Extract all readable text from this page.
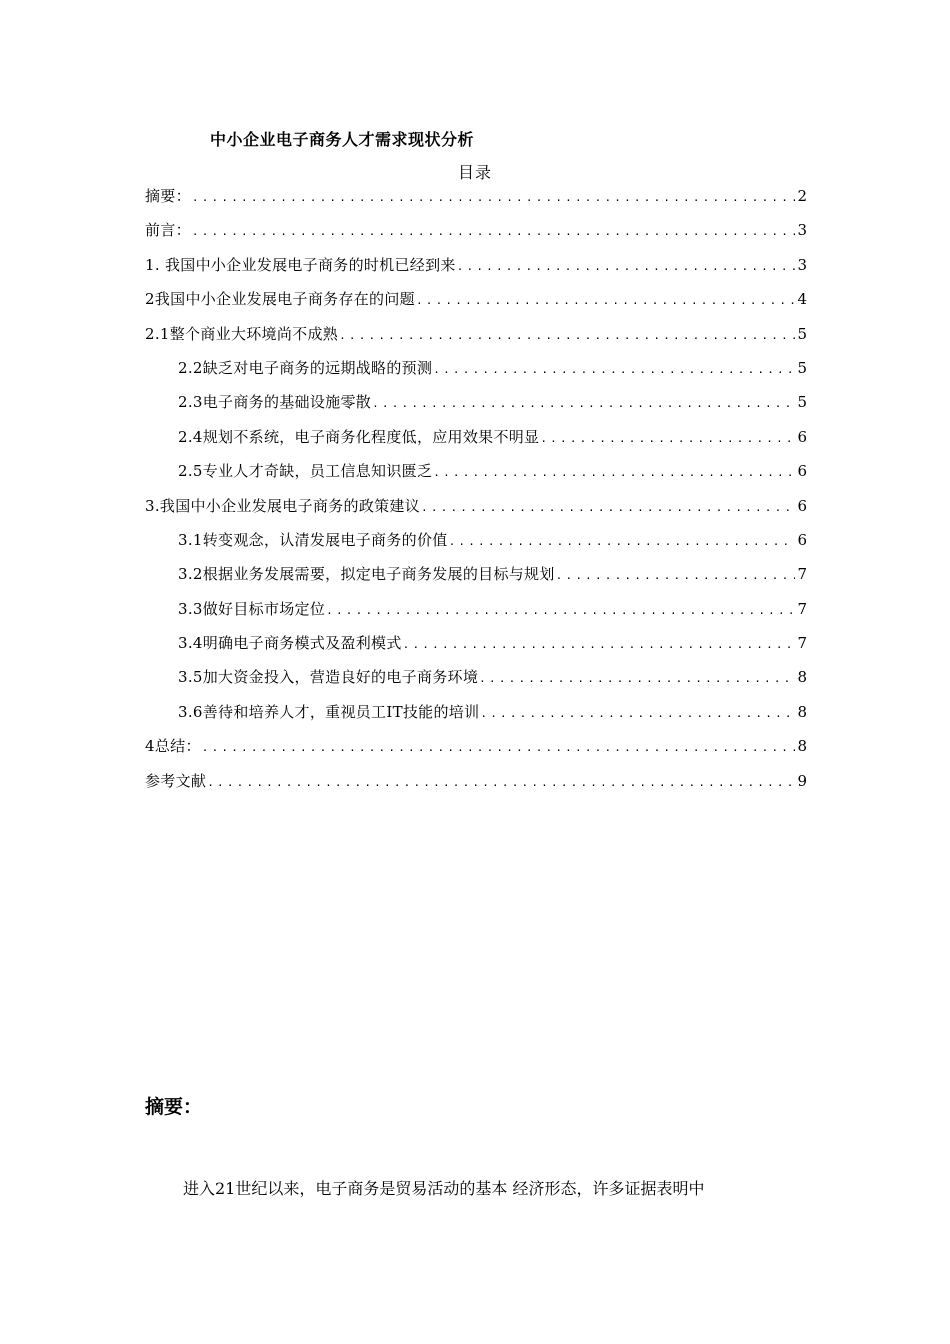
中小企业电子商务人才需求现状分析
目录
摘要： .....	2
前言： .....	3
1. 我国中小企业发展电子商务的时机已经到来 .....	3
2我国中小企业发展电子商务存在的问题 .....	4
2.1整个商业大环境尚不成熟 .....	5
2.2缺乏对电子商务的远期战略的预测 .....	5
2.3电子商务的基础设施零散 .....	5
2.4规划不系统，电子商务化程度低，应用效果不明显 .....	6
2.5专业人才奇缺，员工信息知识匮乏 .....	6
3.我国中小企业发展电子商务的政策建议 .....	6
3.1转变观念，认清发展电子商务的价值 .....	6
3.2根据业务发展需要，拟定电子商务发展的目标与规划 .....	7
3.3做好目标市场定位 .....	7
3.4明确电子商务模式及盈利模式 .....	7
3.5加大资金投入，营造良好的电子商务环境 .....	8
3.6善待和培养人才，重视员工IT技能的培训 .....	8
4总结： .....	8
参考文献 .....	9
摘要：
进入21世纪以来，电子商务是贸易活动的基本 经济形态，许多证据表明中
